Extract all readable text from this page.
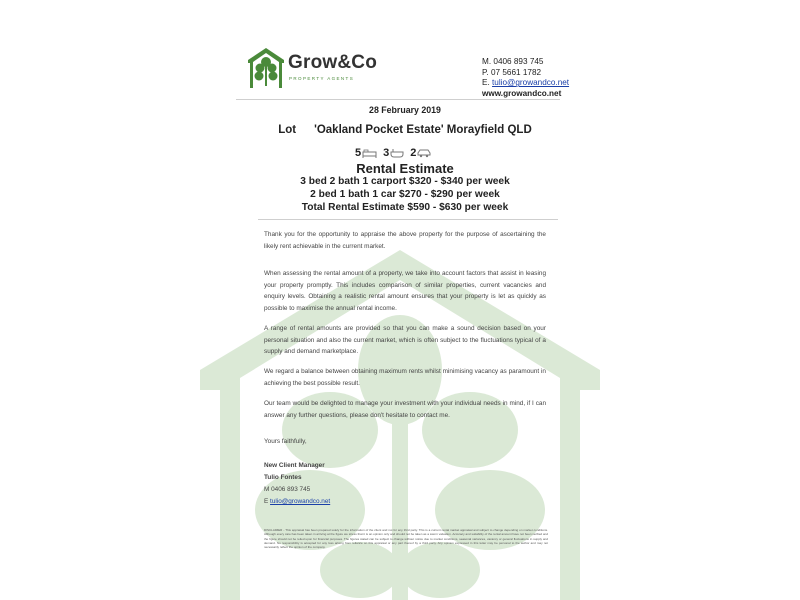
Grow&Co
PROPERTY AGENTS
M. 0406 893 745
P. 07 5661 1782
E. tulio@growandco.net
www.growandco.net
28 February 2019
Lot 'Oakland Pocket Estate' Morayfield QLD
5 3 2
Rental Estimate
3 bed 2 bath 1 carport $320 - $340 per week
2 bed 1 bath 1 car $270 - $290 per week
Total Rental Estimate $590 - $630 per week
Thank you for the opportunity to appraise the above property for the purpose of ascertaining the likely rent achievable in the current market.
When assessing the rental amount of a property, we take into account factors that assist in leasing your property promptly. This includes comparison of similar properties, current vacancies and enquiry levels. Obtaining a realistic rental amount ensures that your property is let as quickly as possible to maximise the annual rental income.
A range of rental amounts are provided so that you can make a sound decision based on your personal situation and also the current market, which is often subject to the fluctuations typical of a supply and demand marketplace.
We regard a balance between obtaining maximum rents whilst minimising vacancy as paramount in achieving the best possible result.
Our team would be delighted to manage your investment with your individual needs in mind, if I can answer any further questions, please don't hesitate to contact me.
Yours faithfully,
New Client Manager
Tulio Fontes
M 0406 893 745
E tulio@growandco.net
DISCLAIMER - This appraisal has been prepared solely for the information of the client and not for any third party. This is a current rental market appraisal and subject to change depending on market conditions. Although every care has been taken in arriving at the figure we stress that it is an opinion only and should not be taken as a sworn valuation. Accuracy and suitability of the rental amount have not been verified and the figure should not be relied upon for financial purposes. The figures stated can be subject to change without notice due to market conditions, seasonal variances, vacancy or general fluctuations in supply and demand. No responsibility is accepted for any loss arising from reliance on this appraisal or any part thereof by a third party. Any opinion expressed in this letter may be personal to the author and may not necessarily reflect the opinion of the company.
